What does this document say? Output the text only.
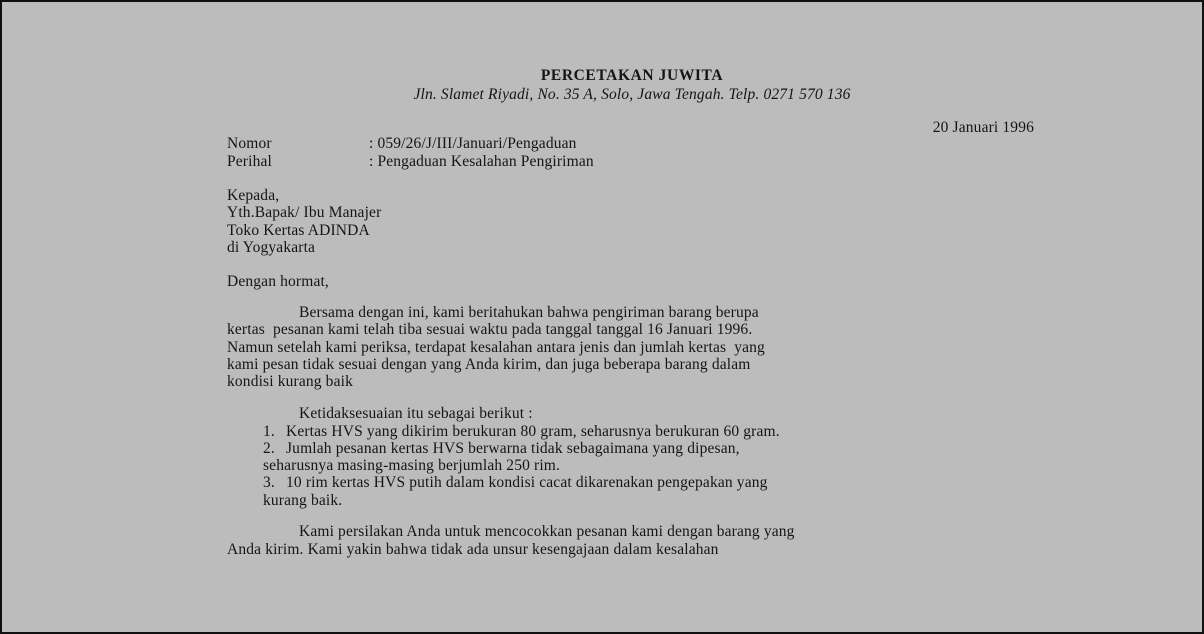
PERCETAKAN JUWITA
Jln. Slamet Riyadi, No. 35 A, Solo, Jawa Tengah. Telp. 0271 570 136
20 Januari 1996
Nomor	: 059/26/J/III/Januari/Pengaduan
Perihal	: Pengaduan Kesalahan Pengiriman
Kepada,
Yth.Bapak/ Ibu Manajer
Toko Kertas ADINDA
di Yogyakarta
Dengan hormat,
Bersama dengan ini, kami beritahukan bahwa pengiriman barang berupa
kertas  pesanan kami telah tiba sesuai waktu pada tanggal tanggal 16 Januari 1996.
Namun setelah kami periksa, terdapat kesalahan antara jenis dan jumlah kertas  yang
kami pesan tidak sesuai dengan yang Anda kirim, dan juga beberapa barang dalam
kondisi kurang baik
Ketidaksesuaian itu sebagai berikut :
1. Kertas HVS yang dikirim berukuran 80 gram, seharusnya berukuran 60 gram.
2. Jumlah pesanan kertas HVS berwarna tidak sebagaimana yang dipesan,
seharusnya masing-masing berjumlah 250 rim.
3. 10 rim kertas HVS putih dalam kondisi cacat dikarenakan pengepakan yang
kurang baik.
Kami persilakan Anda untuk mencocokkan pesanan kami dengan barang yang
Anda kirim. Kami yakin bahwa tidak ada unsur kesengajaan dalam kesalahan
